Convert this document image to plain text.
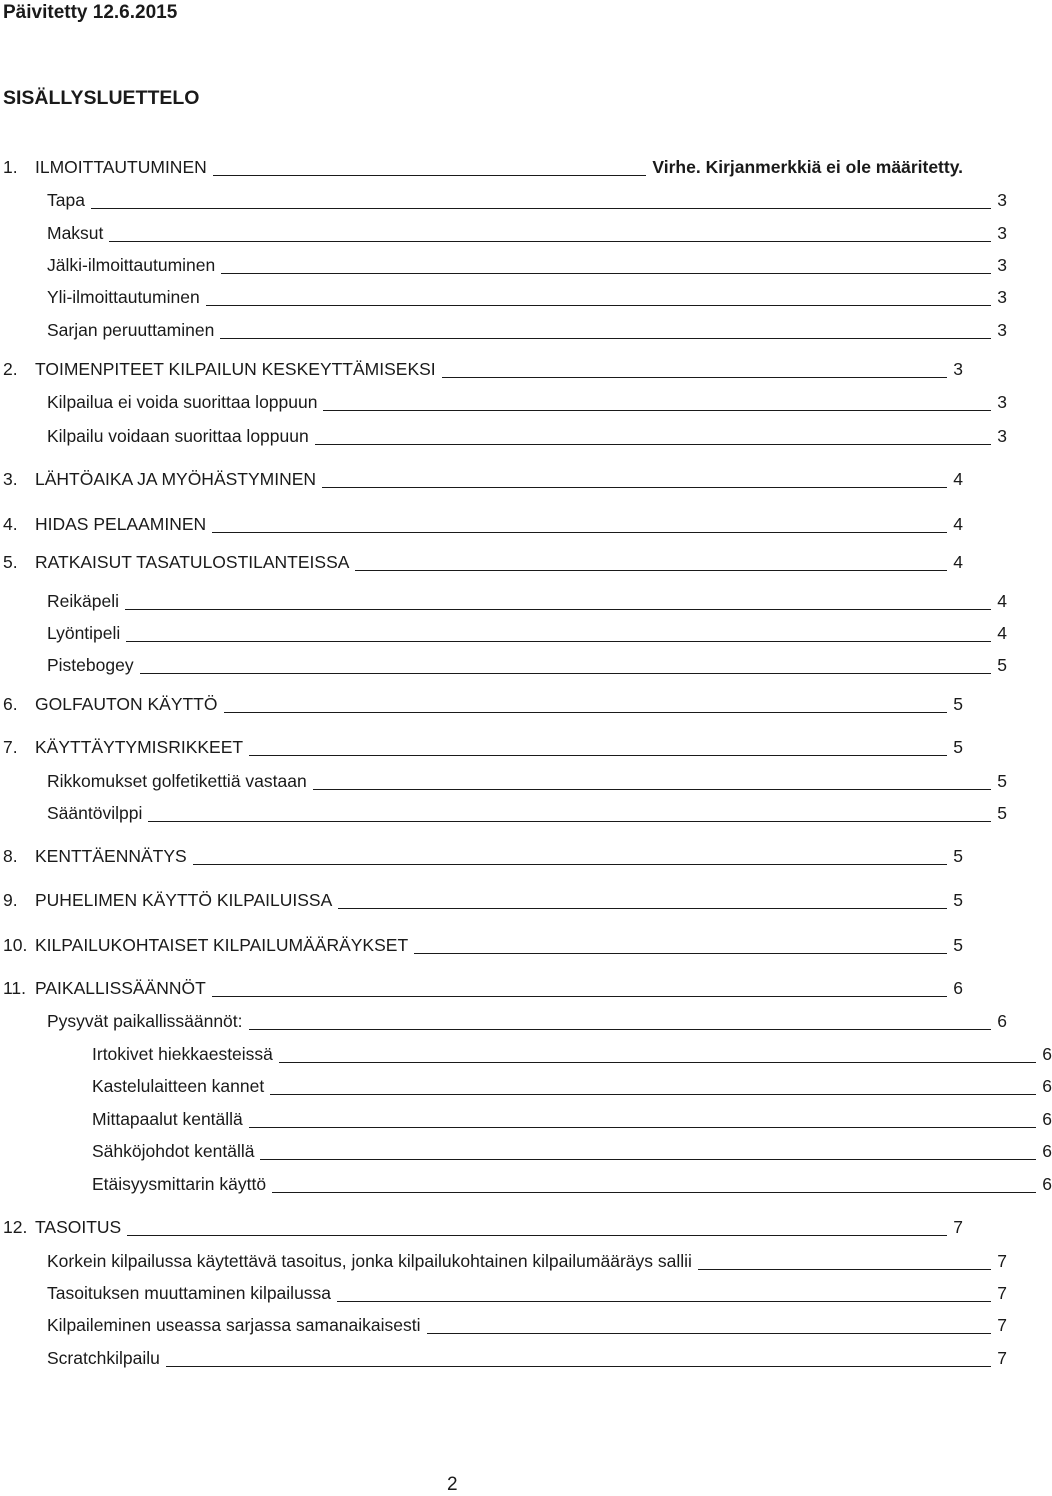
Päivitetty 12.6.2015
SISÄLLYSLUETTELO
1. ILMOITTAUTUMINEN	Virhe. Kirjanmerkkiä ei ole määritetty.
Tapa	3
Maksut	3
Jälki-ilmoittautuminen	3
Yli-ilmoittautuminen	3
Sarjan peruuttaminen	3
2. TOIMENPITEET KILPAILUN KESKEYTTÄMISEKSI	3
Kilpailua ei voida suorittaa loppuun	3
Kilpailu voidaan suorittaa loppuun	3
3. LÄHTÖAIKA JA MYÖHÄSTYMINEN	4
4. HIDAS PELAAMINEN	4
5. RATKAISUT TASATULOSTILANTEISSA	4
Reikäpeli	4
Lyöntipeli	4
Pistebogey	5
6. GOLFAUTON KÄYTTÖ	5
7. KÄYTTÄYTYMISRIKKEET	5
Rikkomukset golfetikettiä vastaan	5
Sääntövilppi	5
8. KENTTÄENNÄTYS	5
9. PUHELIMEN KÄYTTÖ KILPAILUISSA	5
10. KILPAILUKOHTAISET KILPAILUMÄÄRÄYKSET	5
11. PAIKALLISSÄÄNNÖT	6
Pysyvät paikallissäännöt:	6
Irtokivet hiekkaesteissä	6
Kastelulaitteen kannet	6
Mittapaalut kentällä	6
Sähköjohdot kentällä	6
Etäisyysmittarin käyttö	6
12. TASOITUS	7
Korkein kilpailussa käytettävä tasoitus, jonka kilpailukohtainen kilpailumääräys sallii	7
Tasoituksen muuttaminen kilpailussa	7
Kilpaileminen useassa sarjassa samanaikaisesti	7
Scratchkilpailu	7
2
